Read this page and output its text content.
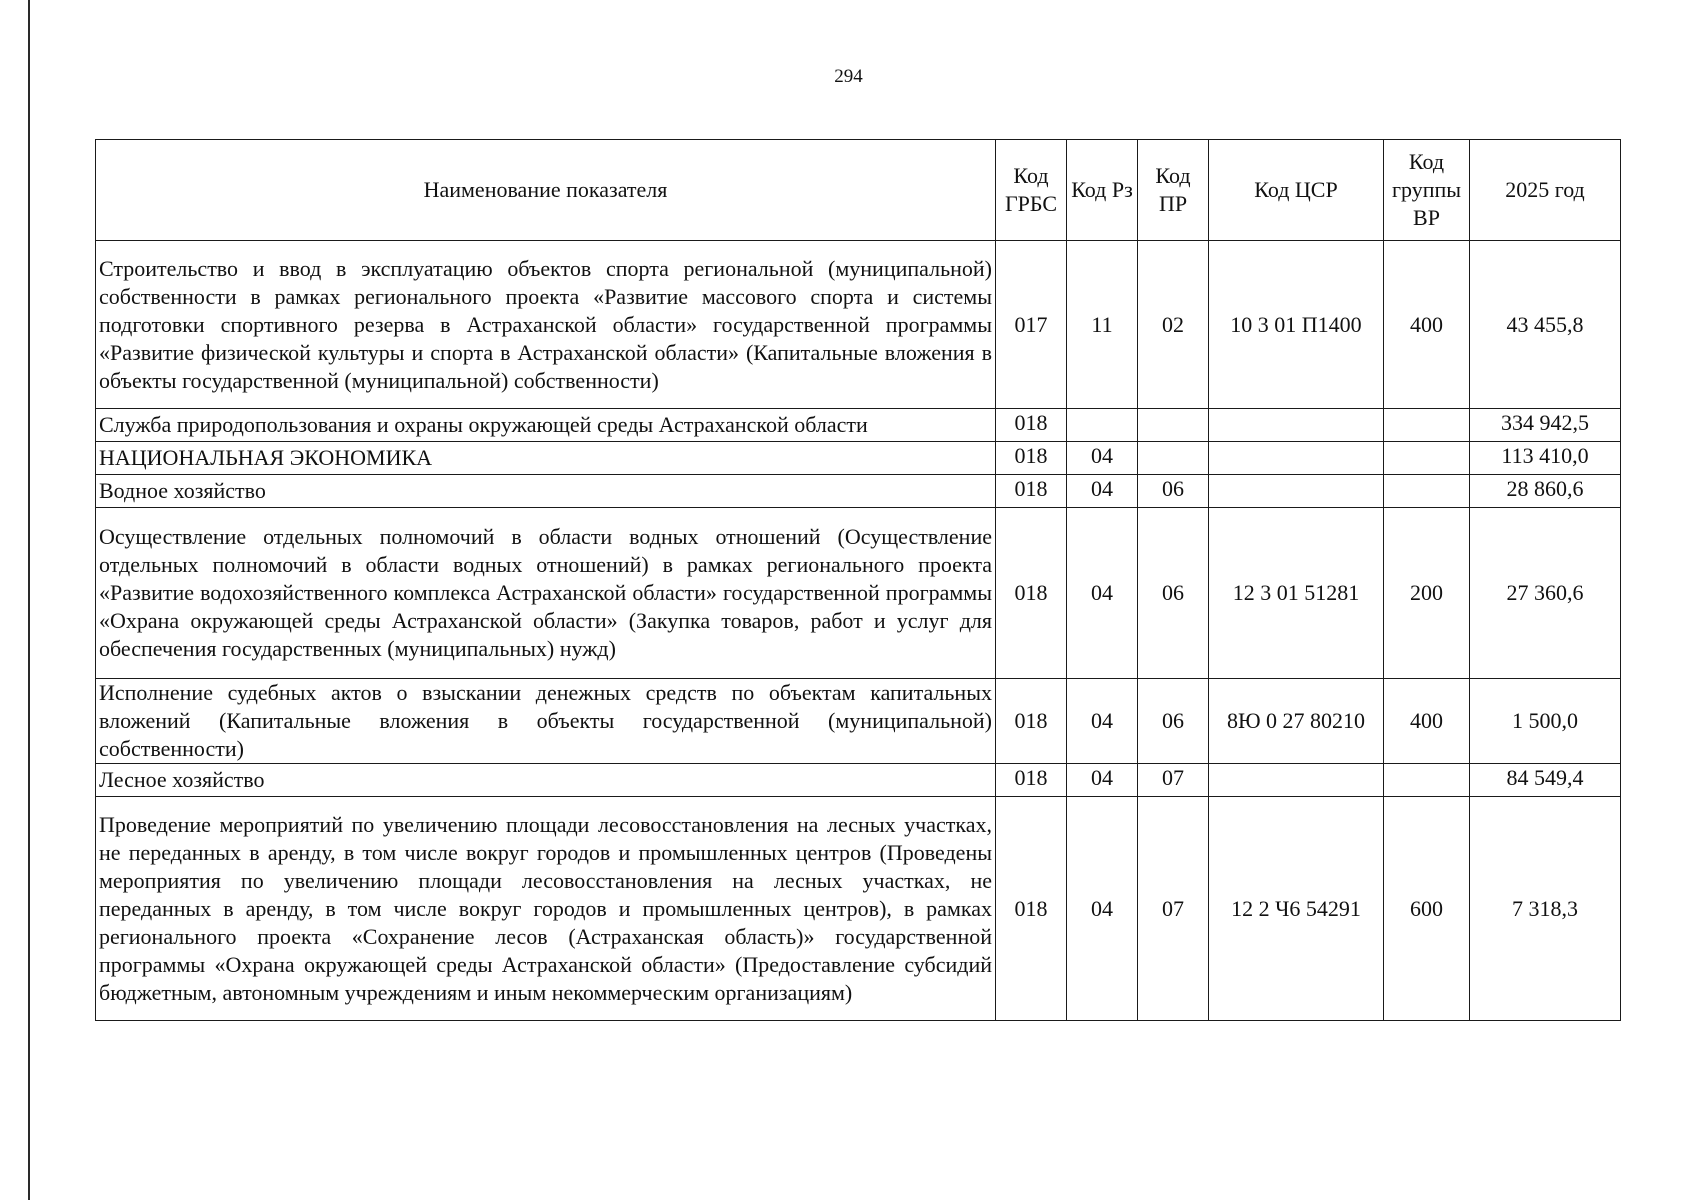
294
Наименование показателя	Код ГРБС	Код Рз	Код ПР	Код ЦСР	Код группы ВР	2025 год
Строительство и ввод в эксплуатацию объектов спорта региональной (муниципальной) собственности в рамках регионального проекта «Развитие массового спорта и системы подготовки спортивного резерва в Астраханской области» государственной программы «Развитие физической культуры и спорта в Астраханской области» (Капитальные вложения в объекты государственной (муниципальной) собственности)	017	11	02	10 3 01 П1400	400	43 455,8
Служба природопользования и охраны окружающей среды Астраханской области	018					334 942,5
НАЦИОНАЛЬНАЯ ЭКОНОМИКА	018	04				113 410,0
Водное хозяйство	018	04	06			28 860,6
Осуществление отдельных полномочий в области водных отношений (Осуществление отдельных полномочий в области водных отношений) в рамках регионального проекта «Развитие водохозяйственного комплекса Астраханской области» государственной программы «Охрана окружающей среды Астраханской области» (Закупка товаров, работ и услуг для обеспечения государственных (муниципальных) нужд)	018	04	06	12 3 01 51281	200	27 360,6
Исполнение судебных актов о взыскании денежных средств по объектам капитальных вложений (Капитальные вложения в объекты государственной (муниципальной) собственности)	018	04	06	8Ю 0 27 80210	400	1 500,0
Лесное хозяйство	018	04	07			84 549,4
Проведение мероприятий по увеличению площади лесовосстановления на лесных участках, не переданных в аренду, в том числе вокруг городов и промышленных центров (Проведены мероприятия по увеличению площади лесовосстановления на лесных участках, не переданных в аренду, в том числе вокруг городов и промышленных центров), в рамках регионального проекта «Сохранение лесов (Астраханская область)» государственной программы «Охрана окружающей среды Астраханской области» (Предоставление субсидий бюджетным, автономным учреждениям и иным некоммерческим организациям)	018	04	07	12 2 Ч6 54291	600	7 318,3
